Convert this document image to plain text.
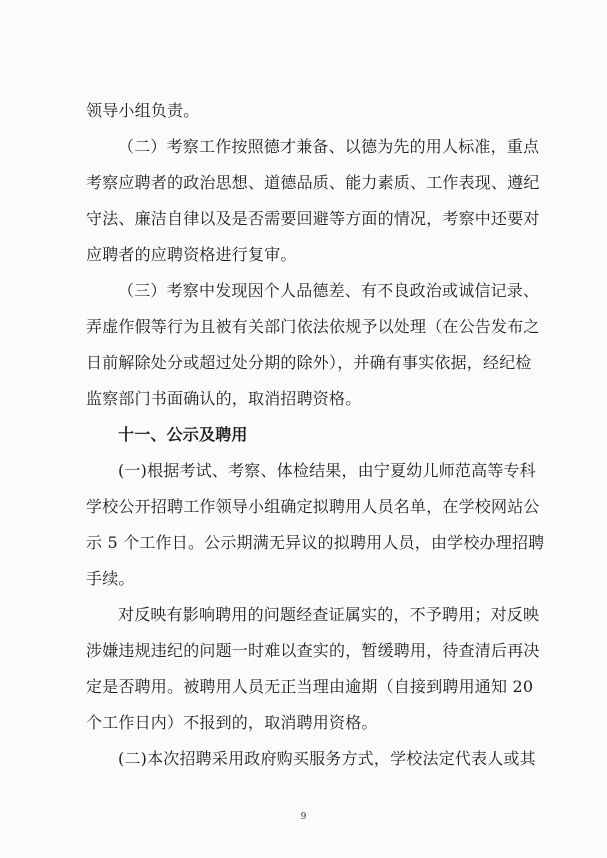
领导小组负责。
（二）考察工作按照德才兼备、以德为先的用人标准，重点
考察应聘者的政治思想、道德品质、能力素质、工作表现、遵纪
守法、廉洁自律以及是否需要回避等方面的情况，考察中还要对
应聘者的应聘资格进行复审。
（三）考察中发现因个人品德差、有不良政治或诚信记录、
弄虚作假等行为且被有关部门依法依规予以处理（在公告发布之
日前解除处分或超过处分期的除外），并确有事实依据，经纪检
监察部门书面确认的，取消招聘资格。
十一、公示及聘用
(一)根据考试、考察、体检结果，由宁夏幼儿师范高等专科
学校公开招聘工作领导小组确定拟聘用人员名单，在学校网站公
示 5 个工作日。公示期满无异议的拟聘用人员，由学校办理招聘
手续。
对反映有影响聘用的问题经查证属实的，不予聘用；对反映
涉嫌违规违纪的问题一时难以查实的，暂缓聘用，待查清后再决
定是否聘用。被聘用人员无正当理由逾期（自接到聘用通知 20
个工作日内）不报到的，取消聘用资格。
(二)本次招聘采用政府购买服务方式，学校法定代表人或其
9
